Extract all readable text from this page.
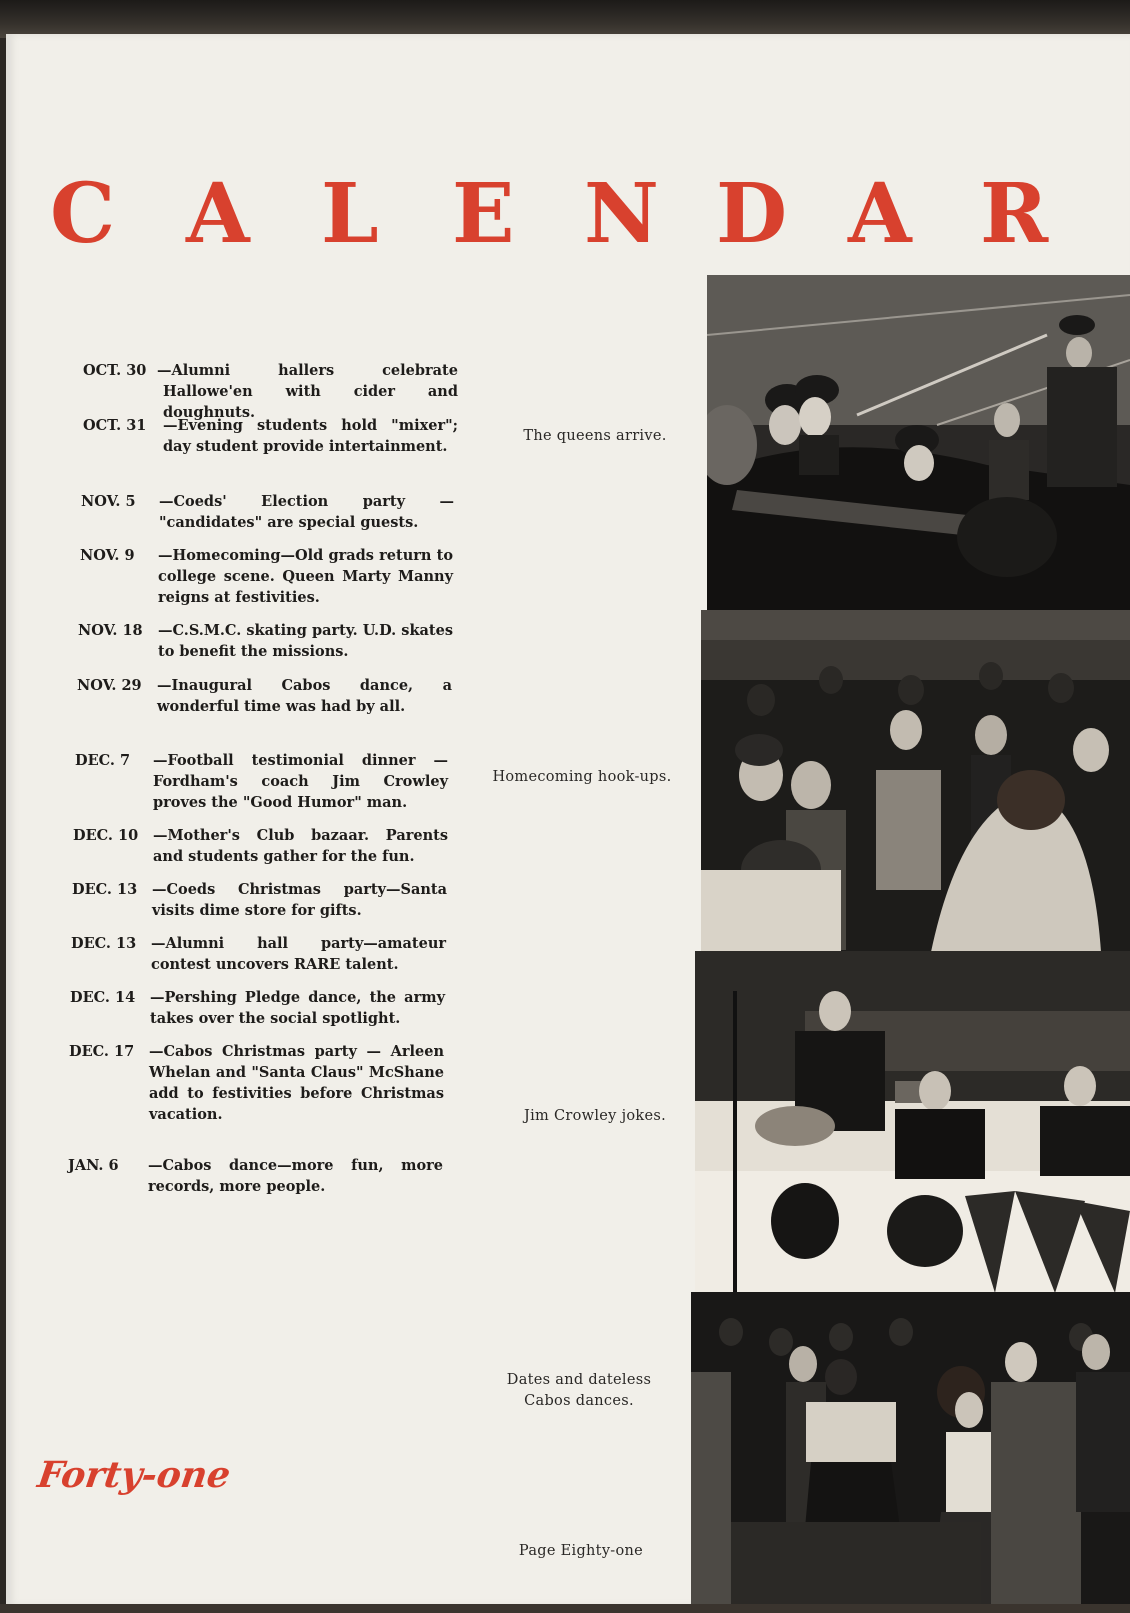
C A L E N D A R
OCT. 30 —Alumni hallers celebrate Hallowe'en with cider and doughnuts.
OCT. 31	—Evening students hold "mixer"; day student provide intertainment.
NOV. 5	—Coeds' Election party — "candidates" are special guests.
NOV. 9	—Homecoming—Old grads return to college scene. Queen Marty Manny reigns at festivities.
NOV. 18	—C.S.M.C. skating party. U.D. skates to benefit the missions.
NOV. 29	—Inaugural Cabos dance, a wonderful time was had by all.
DEC. 7	—Football testimonial dinner — Fordham's coach Jim Crowley proves the "Good Humor" man.
DEC. 10	—Mother's Club bazaar. Parents and students gather for the fun.
DEC. 13	—Coeds Christmas party—Santa visits dime store for gifts.
DEC. 13	—Alumni hall party—amateur contest uncovers RARE talent.
DEC. 14	—Pershing Pledge dance, the army takes over the social spotlight.
DEC. 17	—Cabos Christmas party — Arleen Whelan and "Santa Claus" McShane add to festivities before Christmas vacation.
JAN. 6	—Cabos dance—more fun, more records, more people.
The queens arrive.
Homecoming hook-ups.
Jim Crowley jokes.
Dates and dateless Cabos dances.
Forty-one
Page Eighty-one
